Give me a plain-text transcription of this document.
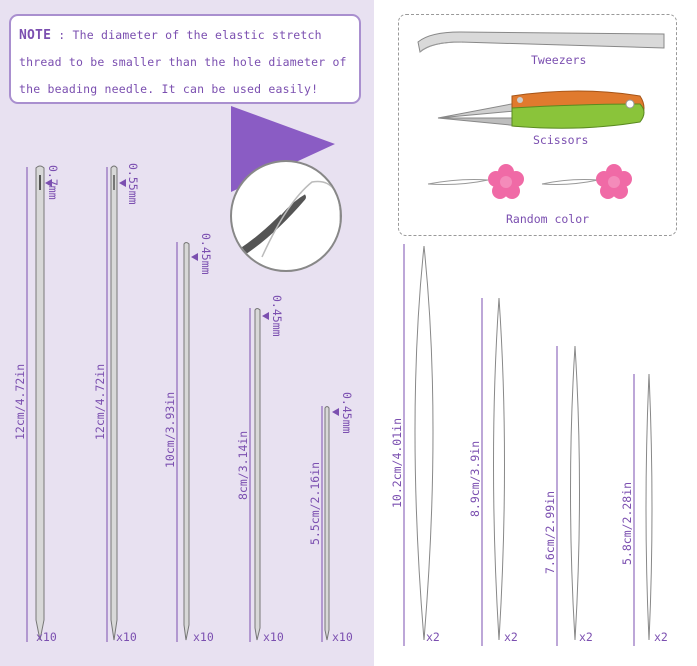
NOTE : The diameter of the elastic stretch thread to be smaller than the hole diameter of the beading needle. It can be used easily!
Tweezers
Scissors
Random color
12cm/4.72in	12cm/4.72in	10cm/3.93in	8cm/3.14in	5.5cm/2.16in
0.7mm	0.55mm
0.45mm
0.45mm
0.45mm
x10	x10	x10	x10	x10
10.2cm/4.01in	8.9cm/3.9in
7.6cm/2.99in	5.8cm/2.28in
x2	x2	x2	x2
